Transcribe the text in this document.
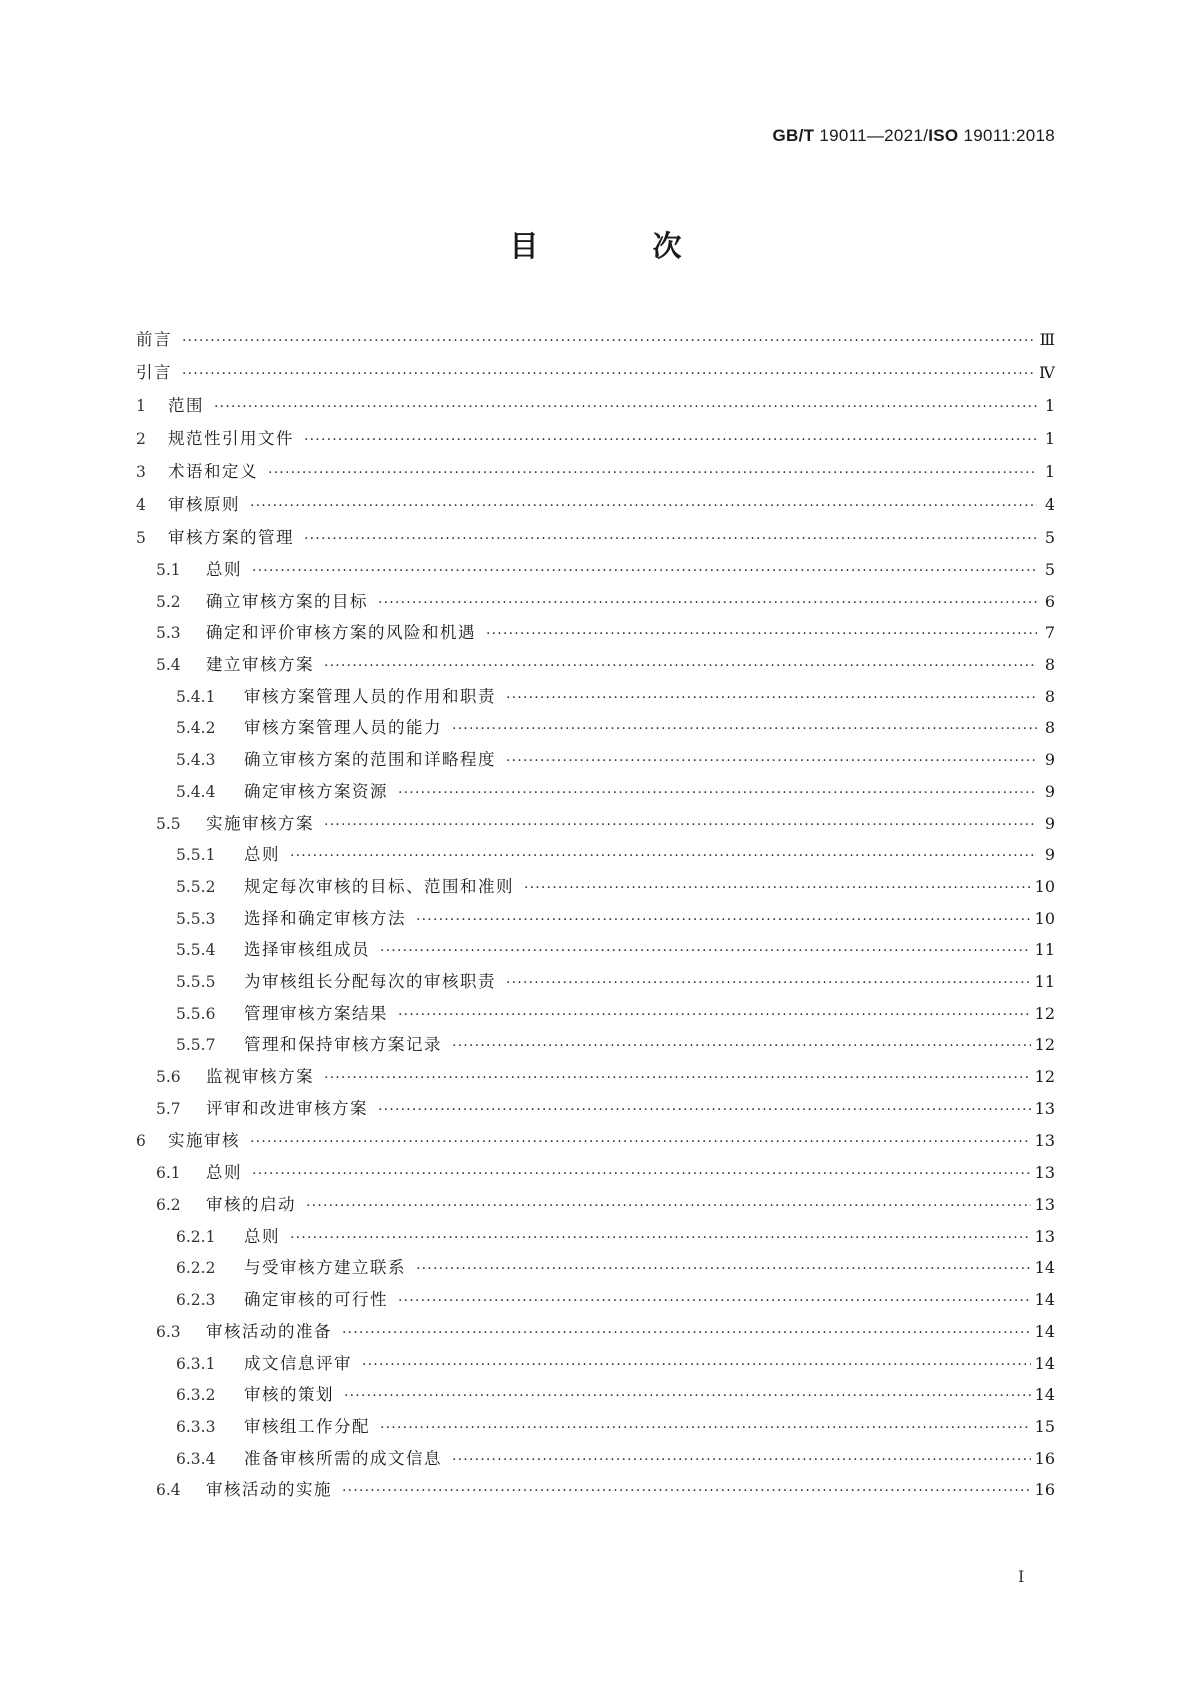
GB/T 19011—2021/ISO 19011:2018
目 次
前言 ·····	Ⅲ
引言 ·····	Ⅳ
1	范围 ·····	1
2	规范性引用文件 ·····	1
3	术语和定义 ·····	1
4	审核原则 ·····	4
5	审核方案的管理 ·····	5
5.1	总则 ·····	5
5.2	确立审核方案的目标 ·····	6
5.3	确定和评价审核方案的风险和机遇 ·····	7
5.4	建立审核方案 ·····	8
5.4.1	审核方案管理人员的作用和职责 ·····	8
5.4.2	审核方案管理人员的能力 ·····	8
5.4.3	确立审核方案的范围和详略程度 ·····	9
5.4.4	确定审核方案资源 ·····	9
5.5	实施审核方案 ·····	9
5.5.1	总则 ·····	9
5.5.2	规定每次审核的目标、范围和准则 ·····	10
5.5.3	选择和确定审核方法 ·····	10
5.5.4	选择审核组成员 ·····	11
5.5.5	为审核组长分配每次的审核职责 ·····	11
5.5.6	管理审核方案结果 ·····	12
5.5.7	管理和保持审核方案记录 ·····	12
5.6	监视审核方案 ·····	12
5.7	评审和改进审核方案 ·····	13
6	实施审核 ·····	13
6.1	总则 ·····	13
6.2	审核的启动 ·····	13
6.2.1	总则 ·····	13
6.2.2	与受审核方建立联系 ·····	14
6.2.3	确定审核的可行性 ·····	14
6.3	审核活动的准备 ·····	14
6.3.1	成文信息评审 ·····	14
6.3.2	审核的策划 ·····	14
6.3.3	审核组工作分配 ·····	15
6.3.4	准备审核所需的成文信息 ·····	16
6.4	审核活动的实施 ·····	16
I
